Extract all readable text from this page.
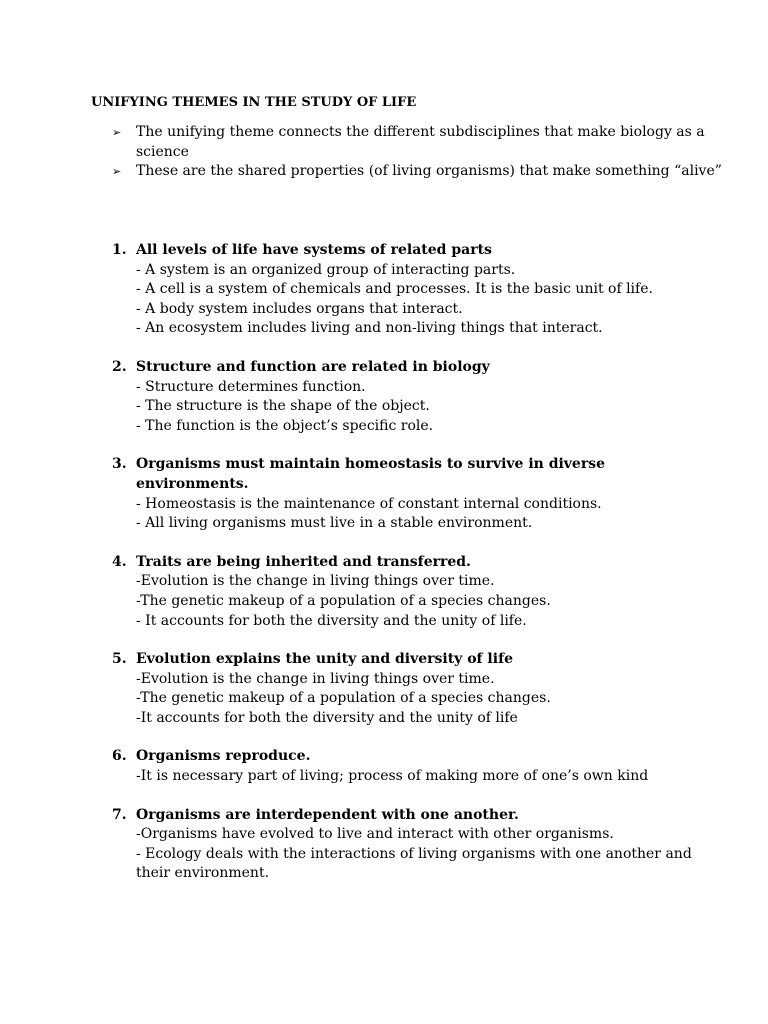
UNIFYING THEMES IN THE STUDY OF LIFE
➢ The unifying theme connects the different subdisciplines that make biology as a science
➢ These are the shared properties (of living organisms) that make something “alive”
1. All levels of life have systems of related parts
- A system is an organized group of interacting parts.
- A cell is a system of chemicals and processes. It is the basic unit of life.
- A body system includes organs that interact.
- An ecosystem includes living and non-living things that interact.
2. Structure and function are related in biology
- Structure determines function.
- The structure is the shape of the object.
- The function is the object’s specific role.
3. Organisms must maintain homeostasis to survive in diverse environments.
- Homeostasis is the maintenance of constant internal conditions.
- All living organisms must live in a stable environment.
4. Traits are being inherited and transferred.
-Evolution is the change in living things over time.
-The genetic makeup of a population of a species changes.
- It accounts for both the diversity and the unity of life.
5. Evolution explains the unity and diversity of life
-Evolution is the change in living things over time.
-The genetic makeup of a population of a species changes.
-It accounts for both the diversity and the unity of life
6. Organisms reproduce.
-It is necessary part of living; process of making more of one’s own kind
7. Organisms are interdependent with one another.
-Organisms have evolved to live and interact with other organisms.
- Ecology deals with the interactions of living organisms with one another and their environment.
